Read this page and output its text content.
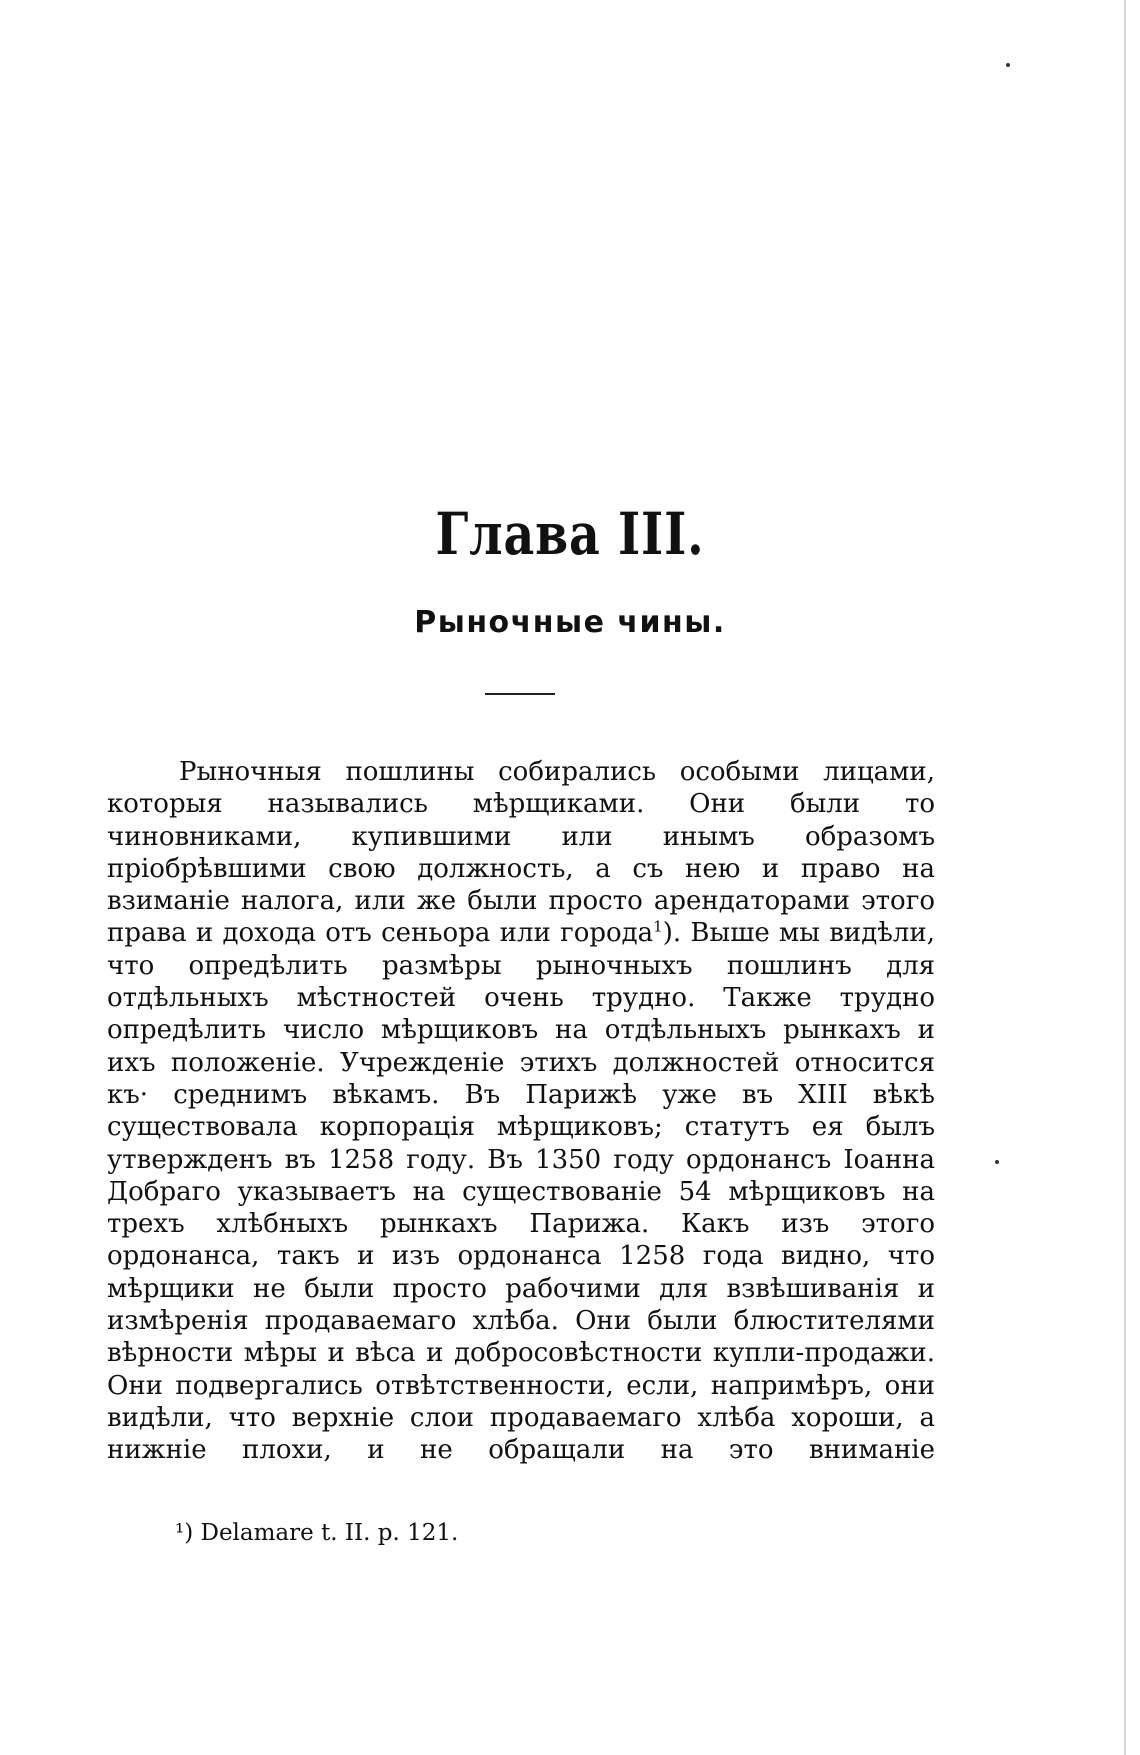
Глава III.
Рыночные чины.

Рыночныя пошлины собирались особыми лицами, которыя назывались мѣрщиками. Они были то чиновниками, купившими или инымъ образомъ пріобрѣвшими свою должность, а съ нею и право на взиманіе налога, или же были просто арендаторами этого права и дохода отъ сеньора или города$^1$). Выше мы видѣли, что опредѣлить размѣры рыночныхъ пошлинъ для отдѣльныхъ мѣстностей очень трудно. Также трудно опредѣлить число мѣрщиковъ на отдѣльныхъ рынкахъ и ихъ положеніе. Учрежденіе этихъ должностей относится къ· среднимъ вѣкамъ. Въ Парижѣ уже въ XIII вѣкѣ существовала корпорація мѣрщиковъ; статутъ ея былъ утвержденъ въ 1258 году. Въ 1350 году ордонансъ Іоанна Добраго указываетъ на существованіе 54 мѣрщиковъ на трехъ хлѣбныхъ рынкахъ Парижа. Какъ изъ этого ордонанса, такъ и изъ ордонанса 1258 года видно, что мѣрщики не были просто рабочими для взвѣшиванія и измѣренія продаваемаго хлѣба. Они были блюстителями вѣрности мѣры и вѣса и добросовѣстности купли-продажи. Они подвергались отвѣтственности, если, напримѣръ, они видѣли, что верхніе слои продаваемаго хлѣба хороши, а нижніе плохи, и не обращали на это вниманіе

¹) Delamare t. II. p. 121.
